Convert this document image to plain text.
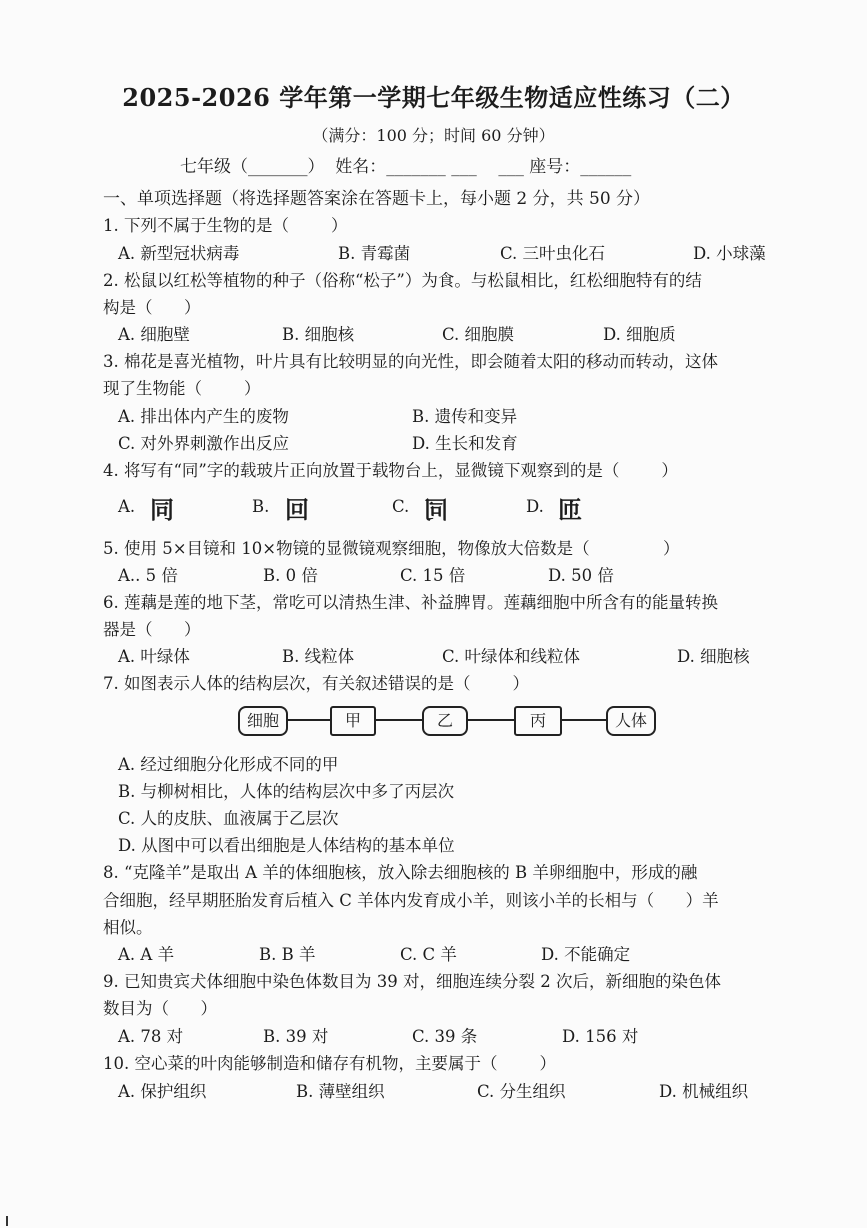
2025-2026 学年第一学期七年级生物适应性练习（二）
（满分：100 分；时间 60 分钟）
七年级（_______）  姓名：_______ ___    ___ 座号：______
一、单项选择题（将选择题答案涂在答题卡上，每小题 2 分，共 50 分）
1. 下列不属于生物的是（        ）
A. 新型冠状病毒	B. 青霉菌	C. 三叶虫化石	D. 小球藻
2. 松鼠以红松等植物的种子（俗称“松子”）为食。与松鼠相比，红松细胞特有的结
构是（      ）
A. 细胞壁	B. 细胞核	C. 细胞膜	D. 细胞质
3. 棉花是喜光植物，叶片具有比较明显的向光性，即会随着太阳的移动而转动，这体
现了生物能（        ）
A. 排出体内产生的废物	B. 遗传和变异
C. 对外界刺激作出反应	D. 生长和发育
4. 将写有“同”字的载玻片正向放置于载物台上，显微镜下观察到的是（        ）
A. 同	B. 回	C. 同	D. 匝
5. 使用 5×目镜和 10×物镜的显微镜观察细胞，物像放大倍数是（              ）
A.. 5 倍	B. 0 倍	C. 15 倍	D. 50 倍
6. 莲藕是莲的地下茎，常吃可以清热生津、补益脾胃。莲藕细胞中所含有的能量转换
器是（      ）
A. 叶绿体	B. 线粒体	C. 叶绿体和线粒体	D. 细胞核
7. 如图表示人体的结构层次，有关叙述错误的是（        ）
细胞	甲	乙	丙	人体
A. 经过细胞分化形成不同的甲
B. 与柳树相比，人体的结构层次中多了丙层次
C. 人的皮肤、血液属于乙层次
D. 从图中可以看出细胞是人体结构的基本单位
8. “克隆羊”是取出 A 羊的体细胞核，放入除去细胞核的 B 羊卵细胞中，形成的融
合细胞，经早期胚胎发育后植入 C 羊体内发育成小羊，则该小羊的长相与（      ）羊
相似。
A. A 羊	B. B 羊	C. C 羊	D. 不能确定
9. 已知贵宾犬体细胞中染色体数目为 39 对，细胞连续分裂 2 次后，新细胞的染色体
数目为（      ）
A. 78 对	B. 39 对	C. 39 条	D. 156 对
10. 空心菜的叶肉能够制造和储存有机物，主要属于（        ）
A. 保护组织	B. 薄壁组织	C. 分生组织	D. 机械组织
